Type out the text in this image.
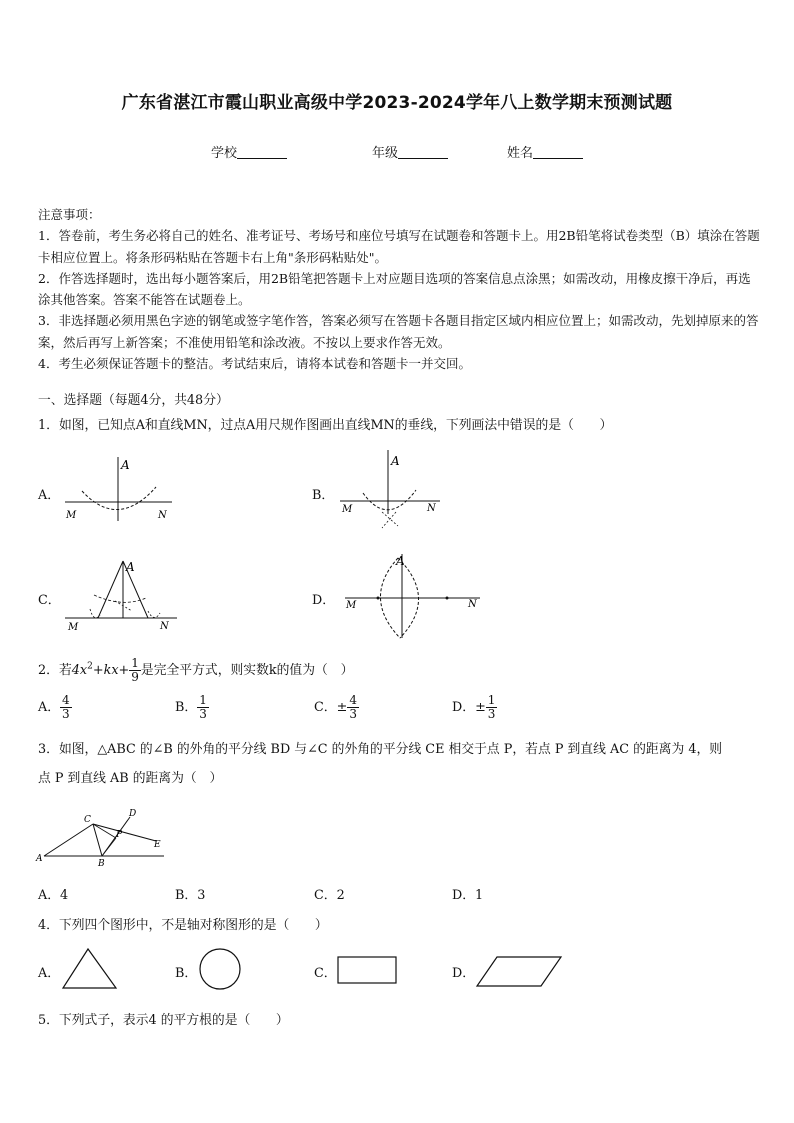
广东省湛江市霞山职业高级中学2023-2024学年八上数学期末预测试题
学校	年级	姓名

注意事项：

1．答卷前，考生务必将自己的姓名、准考证号、考场号和座位号填写在试题卷和答题卡上。用2B铅笔将试卷类型（B）填涂在答题卡相应位置上。将条形码粘贴在答题卡右上角"条形码粘贴处"。

2．作答选择题时，选出每小题答案后，用2B铅笔把答题卡上对应题目选项的答案信息点涂黑；如需改动，用橡皮擦干净后，再选涂其他答案。答案不能答在试题卷上。

3．非选择题必须用黑色字迹的钢笔或签字笔作答，答案必须写在答题卡各题目指定区域内相应位置上；如需改动，先划掉原来的答案，然后再写上新答案；不准使用铅笔和涂改液。不按以上要求作答无效。

4．考生必须保证答题卡的整洁。考试结束后，请将本试卷和答题卡一并交回。

一、选择题（每题4分，共48分）
1．如图，已知点A和直线MN，过点A用尺规作图画出直线MN的垂线，下列画法中错误的是（　　）
A．
A
M	N
B．
A
M	N
C．
A
M	N
D．
A
M	N
2．若$4x^2+kx+ \frac{1}{9}$ 是完全平方式，则实数k的值为（　）
A． $\frac{4}{3}$	B． $\frac{1}{3}$	C．± $\frac{4}{3}$	D．± $\frac{1}{3}$
3．如图，△ABC 的∠B 的外角的平分线 BD 与∠C 的外角的平分线 CE 相交于点 P，若点 P 到直线 AC 的距离为 4，则
点 P 到直线 AB 的距离为（　）
A	B
C
D
E
P
A．4	B．3	C．2	D．1
4．下列四个图形中，不是轴对称图形的是（　　）
A．	B．	C．	D．
5．下列式子，表示4 的平方根的是（　　）
